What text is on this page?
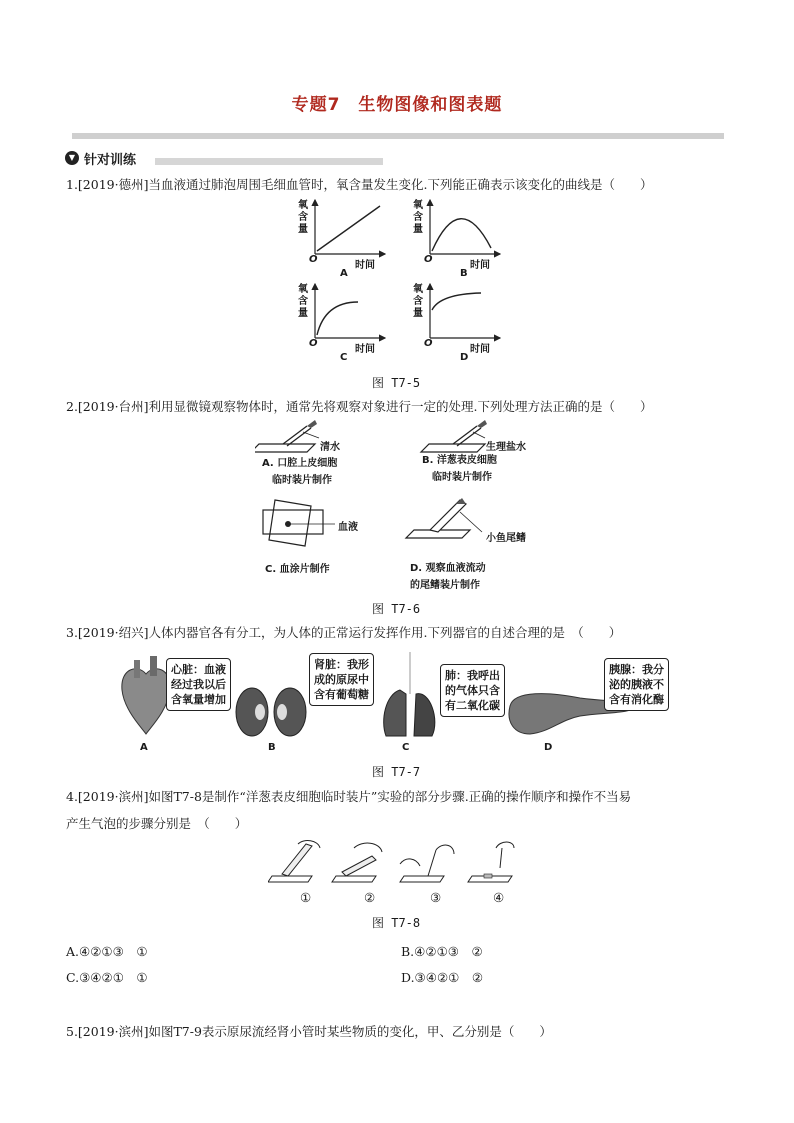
专题7　生物图像和图表题
▼ 针对训练
1.[2019·德州]当血液通过肺泡周围毛细血管时，氧含量发生变化.下列能正确表示该变化的曲线是（　　）
氧
含
量
氧
含
量
氧
含
量
氧
含
量
O	O
O	O
时间	时间
时间	时间
A	B
C	D
图 T7-5
2.[2019·台州]利用显微镜观察物体时，通常先将观察对象进行一定的处理.下列处理方法正确的是（　　）
清水
A. 口腔上皮细胞
临时装片制作
生理盐水
B. 洋葱表皮细胞
临时装片制作
血液
C. 血涂片制作
小鱼尾鳍
D. 观察血液流动
的尾鳍装片制作
图 T7-6
3.[2019·绍兴]人体内器官各有分工，为人体的正常运行发挥作用.下列器官的自述合理的是　（　　）
心脏：血液
经过我以后
含氧量增加
肾脏：我形
成的原尿中
含有葡萄糖
肺：我呼出
的气体只含
有二氧化碳
胰腺：我分
泌的胰液不
含有消化酶
A	B	C	D
图 T7-7
4.[2019·滨州]如图T7-8是制作“洋葱表皮细胞临时装片”实验的部分步骤.正确的操作顺序和操作不当易
产生气泡的步骤分别是　（　　）
①	②	③	④
图 T7-8
A.④②①③　①	B.④②①③　②
C.③④②①　①	D.③④②①　②
5.[2019·滨州]如图T7-9表示原尿流经肾小管时某些物质的变化，甲、乙分别是（　　）
